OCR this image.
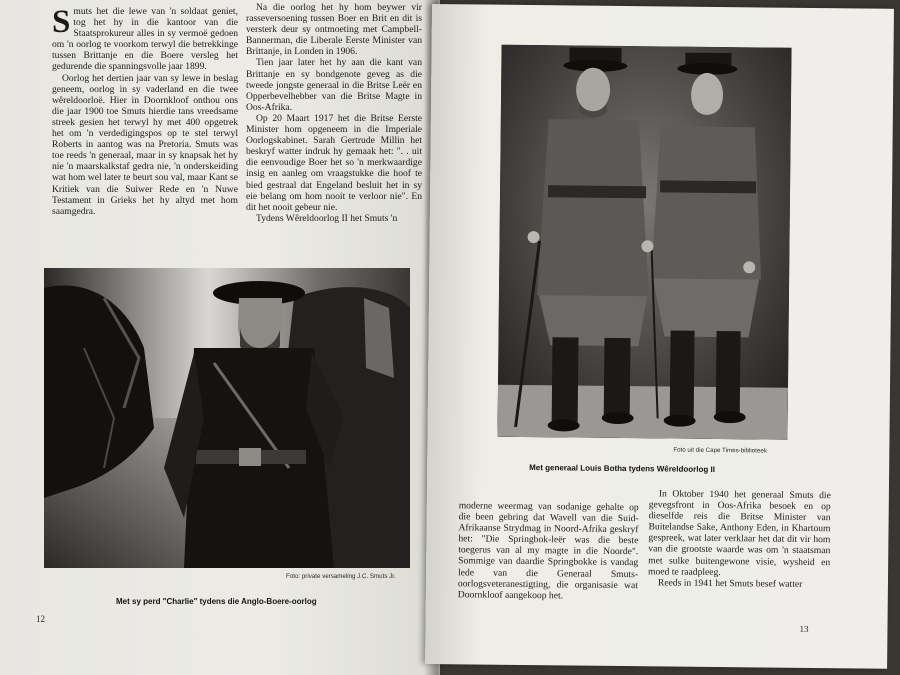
Smuts het die lewe van 'n soldaat geniet, tog het hy in die kantoor van die Staatsprokureur alles in sy vermoë gedoen om 'n oorlog te voorkom terwyl die betrekkinge tussen Brittanje en die Boere versleg het gedurende die spanningsvolle jaar 1899.

Oorlog het dertien jaar van sy lewe in beslag geneem, oorlog in sy vaderland en die twee wêreldoorloë. Hier in Doornkloof onthou ons die jaar 1900 toe Smuts hierdie tans vreedsame streek gesien het terwyl hy met 400 opgetrek het om 'n verdedigingspos op te stel terwyl Roberts in aantog was na Pretoria. Smuts was toe reeds 'n generaal, maar in sy knapsak het hy nie 'n maarskalkstaf gedra nie, 'n onderskeiding wat hom wel later te beurt sou val, maar Kant se Kritiek van die Suiwer Rede en 'n Nuwe Testament in Grieks het hy altyd met hom saamgedra.

Na die oorlog het hy hom beywer vir rasseversoening tussen Boer en Brit en dit is versterk deur sy ontmoeting met Campbell-Bannerman, die Liberale Eerste Minister van Brittanje, in Londen in 1906.

Tien jaar later het hy aan die kant van Brittanje en sy bondgenote geveg as die tweede jongste generaal in die Britse Leër en Opperbevelhebber van die Britse Magte in Oos-Afrika.

Op 20 Maart 1917 het die Britse Eerste Minister hom opgeneem in die Imperiale Oorlogskabinet. Sarah Gertrude Millin het beskryf watter indruk hy gemaak het: ". . uit die eenvoudige Boer het so 'n merkwaardige insig en aanleg om vraagstukke die hoof te bied gestraal dat Engeland besluit het in sy eie belang om hom nooit te verloor nie". En dit het nooit gebeur nie.

Tydens Wêreldoorlog II het Smuts 'n

Foto: private versameling J.C. Smuts Jr.
Met sy perd "Charlie" tydens die Anglo-Boere-oorlog
12
Foto uit die Cape Times-biblioteek
Met generaal Louis Botha tydens Wêreldoorlog II

moderne weermag van sodanige gehalte op die been gebring dat Wavell van die Suid-Afrikaanse Strydmag in Noord-Afrika geskryf het: "Die Springbok-leër was die beste toegerus van al my magte in die Noorde". Sommige van daardie Springbokke is vandag lede van die Generaal Smuts-oorlogsveteranestigting, die organisasie wat Doornkloof aangekoop het.

In Oktober 1940 het generaal Smuts die gevegsfront in Oos-Afrika besoek en op dieselfde reis die Britse Minister van Buitelandse Sake, Anthony Eden, in Khartoum gespreek, wat later verklaar het dat dit vir hom van die grootste waarde was om 'n staatsman met sulke buitengewone visie, wysheid en moed te raadpleeg.

Reeds in 1941 het Smuts besef watter

13
